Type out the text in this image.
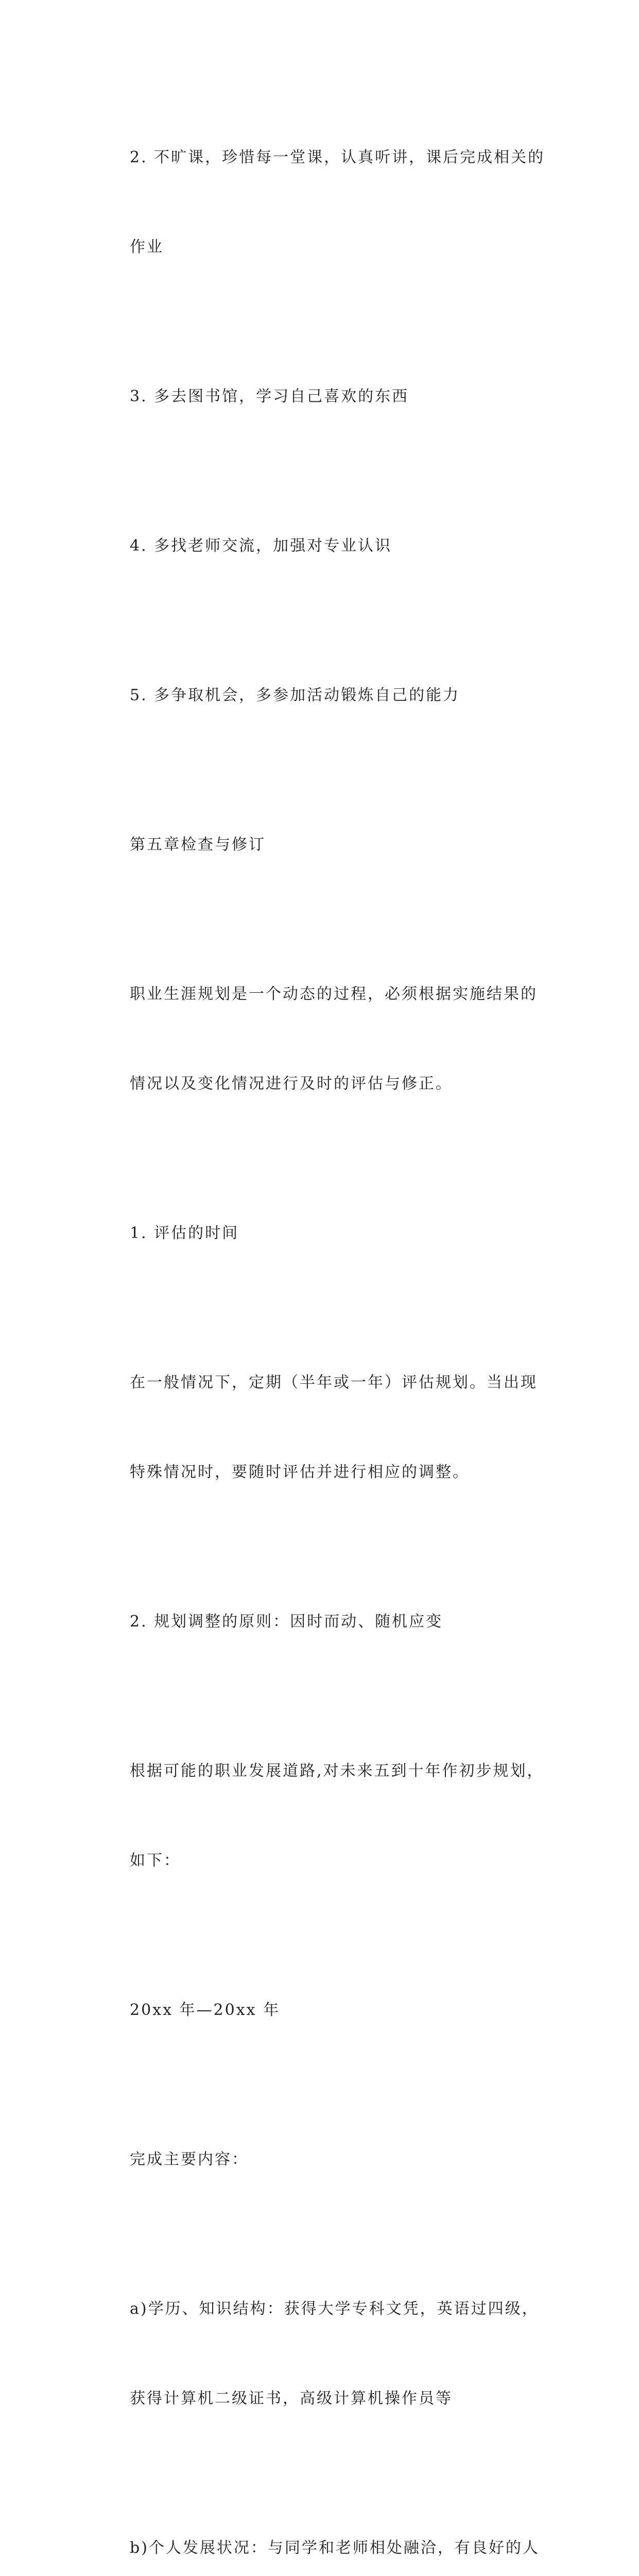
2. 不旷课，珍惜每一堂课，认真听讲，课后完成相关的

作业

3. 多去图书馆，学习自己喜欢的东西

4. 多找老师交流，加强对专业认识

5. 多争取机会，多参加活动锻炼自己的能力

第五章检查与修订

职业生涯规划是一个动态的过程，必须根据实施结果的

情况以及变化情况进行及时的评估与修正。

1. 评估的时间

在一般情况下，定期（半年或一年）评估规划。当出现

特殊情况时，要随时评估并进行相应的调整。

2. 规划调整的原则：因时而动、随机应变

根据可能的职业发展道路,对未来五到十年作初步规划，

如下：

20xx 年—20xx 年

完成主要内容：

a)学历、知识结构：获得大学专科文凭，英语过四级，

获得计算机二级证书，高级计算机操作员等

b)个人发展状况：与同学和老师相处融洽，有良好的人
